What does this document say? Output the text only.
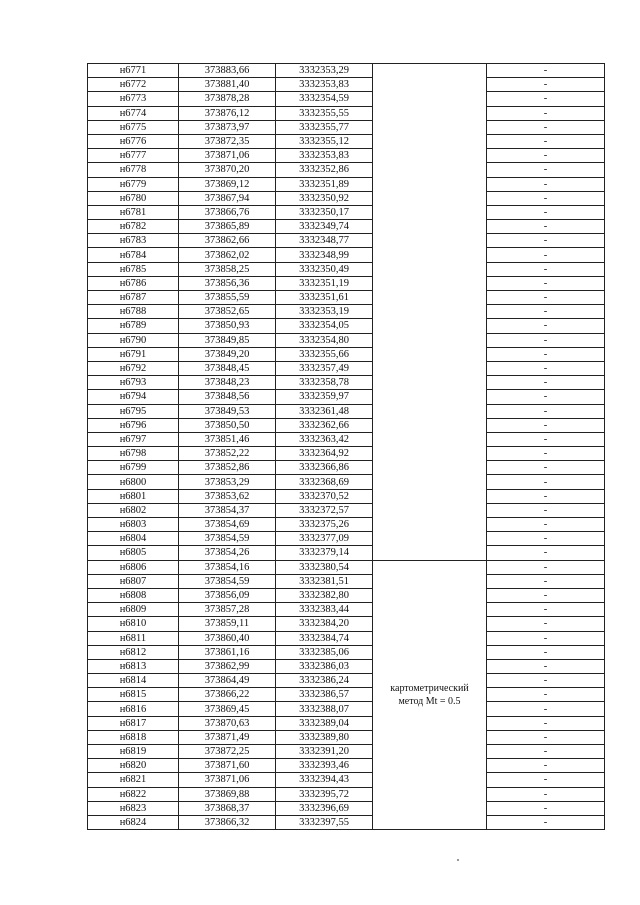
н6771	373883,66	3332353,29		-
н6772	373881,40	3332353,83		-
н6773	373878,28	3332354,59		-
н6774	373876,12	3332355,55		-
н6775	373873,97	3332355,77		-
н6776	373872,35	3332355,12		-
н6777	373871,06	3332353,83		-
н6778	373870,20	3332352,86		-
н6779	373869,12	3332351,89		-
н6780	373867,94	3332350,92		-
н6781	373866,76	3332350,17		-
н6782	373865,89	3332349,74		-
н6783	373862,66	3332348,77		-
н6784	373862,02	3332348,99		-
н6785	373858,25	3332350,49		-
н6786	373856,36	3332351,19		-
н6787	373855,59	3332351,61		-
н6788	373852,65	3332353,19		-
н6789	373850,93	3332354,05		-
н6790	373849,85	3332354,80		-
н6791	373849,20	3332355,66		-
н6792	373848,45	3332357,49		-
н6793	373848,23	3332358,78		-
н6794	373848,56	3332359,97		-
н6795	373849,53	3332361,48		-
н6796	373850,50	3332362,66		-
н6797	373851,46	3332363,42		-
н6798	373852,22	3332364,92		-
н6799	373852,86	3332366,86		-
н6800	373853,29	3332368,69		-
н6801	373853,62	3332370,52		-
н6802	373854,37	3332372,57		-
н6803	373854,69	3332375,26		-
н6804	373854,59	3332377,09		-
н6805	373854,26	3332379,14		-
н6806	373854,16	3332380,54	картометрический метод Mt = 0.5	-
н6807	373854,59	3332381,51		-
н6808	373856,09	3332382,80		-
н6809	373857,28	3332383,44		-
н6810	373859,11	3332384,20		-
н6811	373860,40	3332384,74		-
н6812	373861,16	3332385,06		-
н6813	373862,99	3332386,03		-
н6814	373864,49	3332386,24		-
н6815	373866,22	3332386,57		-
н6816	373869,45	3332388,07		-
н6817	373870,63	3332389,04		-
н6818	373871,49	3332389,80		-
н6819	373872,25	3332391,20		-
н6820	373871,60	3332393,46		-
н6821	373871,06	3332394,43		-
н6822	373869,88	3332395,72		-
н6823	373868,37	3332396,69		-
н6824	373866,32	3332397,55		-
